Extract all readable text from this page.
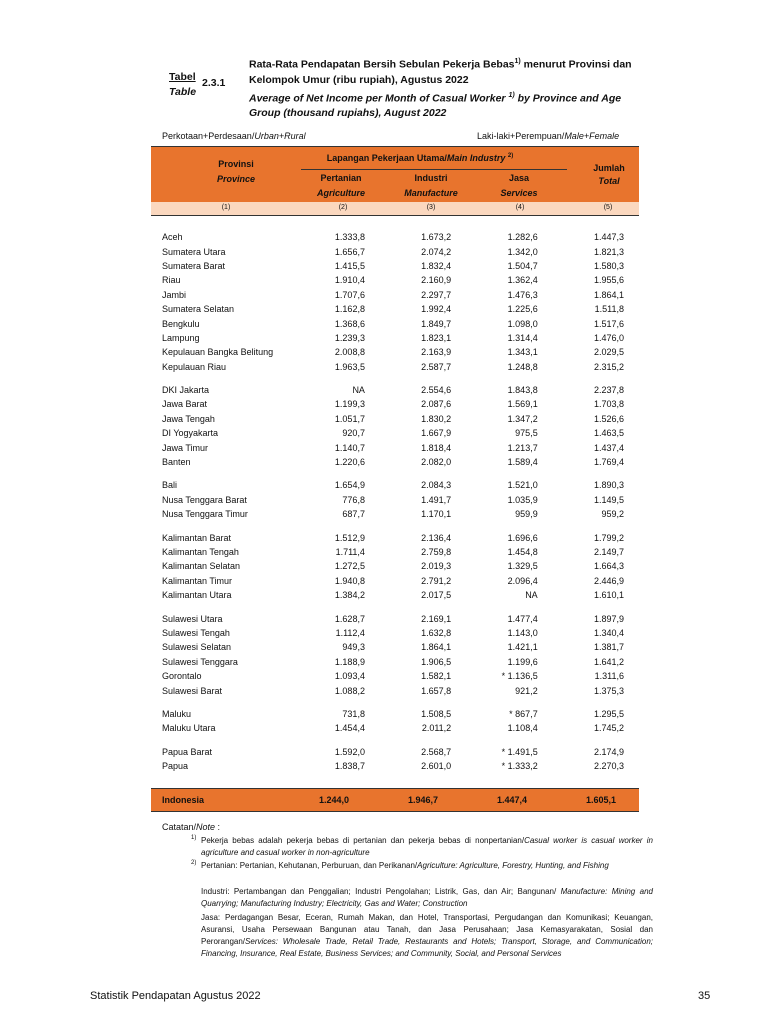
Tabel
Table
2.3.1
Rata-Rata Pendapatan Bersih Sebulan Pekerja Bebas$^{1)}$ menurut Provinsi dan
Kelompok Umur (ribu rupiah), Agustus 2022
Average of Net Income per Month of Casual Worker $^{1)}$ by Province and Age
Group (thousand rupiahs), August 2022
Perkotaan+Perdesaan/Urban+Rural	Laki-laki+Perempuan/Male+Female
Provinsi
Province
Lapangan Pekerjaan Utama/Main Industry $^{2)}$
Pertanian
Agriculture
Industri
Manufacture
Jasa
Services
Jumlah
Total
(1)	(2)	(3)	(4)	(5)
Aceh	1.333,8	1.673,2	1.282,6	1.447,3
Sumatera Utara	1.656,7	2.074,2	1.342,0	1.821,3
Sumatera Barat	1.415,5	1.832,4	1.504,7	1.580,3
Riau	1.910,4	2.160,9	1.362,4	1.955,6
Jambi	1.707,6	2.297,7	1.476,3	1.864,1
Sumatera Selatan	1.162,8	1.992,4	1.225,6	1.511,8
Bengkulu	1.368,6	1.849,7	1.098,0	1.517,6
Lampung	1.239,3	1.823,1	1.314,4	1.476,0
Kepulauan Bangka Belitung	2.008,8	2.163,9	1.343,1	2.029,5
Kepulauan Riau	1.963,5	2.587,7	1.248,8	2.315,2

DKI Jakarta	NA	2.554,6	1.843,8	2.237,8
Jawa Barat	1.199,3	2.087,6	1.569,1	1.703,8
Jawa Tengah	1.051,7	1.830,2	1.347,2	1.526,6
DI Yogyakarta	920,7	1.667,9	975,5	1.463,5
Jawa Timur	1.140,7	1.818,4	1.213,7	1.437,4
Banten	1.220,6	2.082,0	1.589,4	1.769,4

Bali	1.654,9	2.084,3	1.521,0	1.890,3
Nusa Tenggara Barat	776,8	1.491,7	1.035,9	1.149,5
Nusa Tenggara Timur	687,7	1.170,1	959,9	959,2

Kalimantan Barat	1.512,9	2.136,4	1.696,6	1.799,2
Kalimantan Tengah	1.711,4	2.759,8	1.454,8	2.149,7
Kalimantan Selatan	1.272,5	2.019,3	1.329,5	1.664,3
Kalimantan Timur	1.940,8	2.791,2	2.096,4	2.446,9
Kalimantan Utara	1.384,2	2.017,5	NA	1.610,1

Sulawesi Utara	1.628,7	2.169,1	1.477,4	1.897,9
Sulawesi Tengah	1.112,4	1.632,8	1.143,0	1.340,4
Sulawesi Selatan	949,3	1.864,1	1.421,1	1.381,7
Sulawesi Tenggara	1.188,9	1.906,5	1.199,6	1.641,2
Gorontalo	1.093,4	1.582,1	* 1.136,5	1.311,6
Sulawesi Barat	1.088,2	1.657,8	921,2	1.375,3

Maluku	731,8	1.508,5	* 867,7	1.295,5
Maluku Utara	1.454,4	2.011,2	1.108,4	1.745,2

Papua Barat	1.592,0	2.568,7	* 1.491,5	2.174,9
Papua	1.838,7	2.601,0	* 1.333,2	2.270,3
Indonesia	1.244,0	1.946,7	1.447,4	1.605,1
Catatan/Note :
1) Pekerja bebas adalah pekerja bebas di pertanian dan pekerja bebas di nonpertanian/Casual worker is casual worker in agriculture and casual worker in non-agriculture
2) Pertanian: Pertanian, Kehutanan, Perburuan, dan Perikanan/Agriculture: Agriculture, Forestry, Hunting, and Fishing
Industri: Pertambangan dan Penggalian; Industri Pengolahan; Listrik, Gas, dan Air; Bangunan/ Manufacture: Mining and Quarrying; Manufacturing Industry; Electricity, Gas and Water; Construction
Jasa: Perdagangan Besar, Eceran, Rumah Makan, dan Hotel, Transportasi, Pergudangan dan Komunikasi; Keuangan, Asuransi, Usaha Persewaan Bangunan atau Tanah, dan Jasa Perusahaan; Jasa Kemasyarakatan, Sosial dan Perorangan/Services: Wholesale Trade, Retail Trade, Restaurants and Hotels; Transport, Storage, and Communication; Financing, Insurance, Real Estate, Business Services; and Community, Social, and Personal Services
Statistik Pendapatan Agustus 2022	35
